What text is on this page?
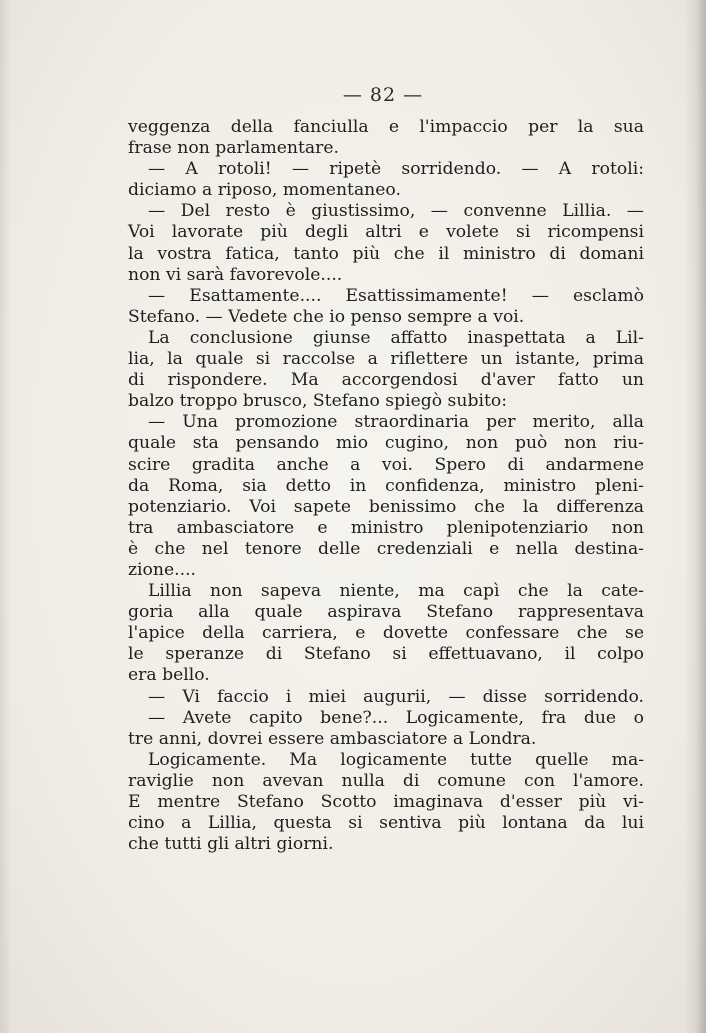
— 82 —
veggenza della fanciulla e l'impaccio per la sua
frase non parlamentare.
— A rotoli! — ripetè sorridendo. — A rotoli:
diciamo a riposo, momentaneo.
— Del resto è giustissimo, — convenne Lillia. —
Voi lavorate più degli altri e volete si ricompensi
la vostra fatica, tanto più che il ministro di domani
non vi sarà favorevole....
— Esattamente.... Esattissimamente! — esclamò
Stefano. — Vedete che io penso sempre a voi.
La conclusione giunse affatto inaspettata a Lil-
lia, la quale si raccolse a riflettere un istante, prima
di rispondere. Ma accorgendosi d'aver fatto un
balzo troppo brusco, Stefano spiegò subito:
— Una promozione straordinaria per merito, alla
quale sta pensando mio cugino, non può non riu-
scire gradita anche a voi. Spero di andarmene
da Roma, sia detto in confidenza, ministro pleni-
potenziario. Voi sapete benissimo che la differenza
tra ambasciatore e ministro plenipotenziario non
è che nel tenore delle credenziali e nella destina-
zione....
Lillia non sapeva niente, ma capì che la cate-
goria alla quale aspirava Stefano rappresentava
l'apice della carriera, e dovette confessare che se
le speranze di Stefano si effettuavano, il colpo
era bello.
— Vi faccio i miei augurii, — disse sorridendo.
— Avete capito bene?... Logicamente, fra due o
tre anni, dovrei essere ambasciatore a Londra.
Logicamente. Ma logicamente tutte quelle ma-
raviglie non avevan nulla di comune con l'amore.
E mentre Stefano Scotto imaginava d'esser più vi-
cino a Lillia, questa si sentiva più lontana da lui
che tutti gli altri giorni.
